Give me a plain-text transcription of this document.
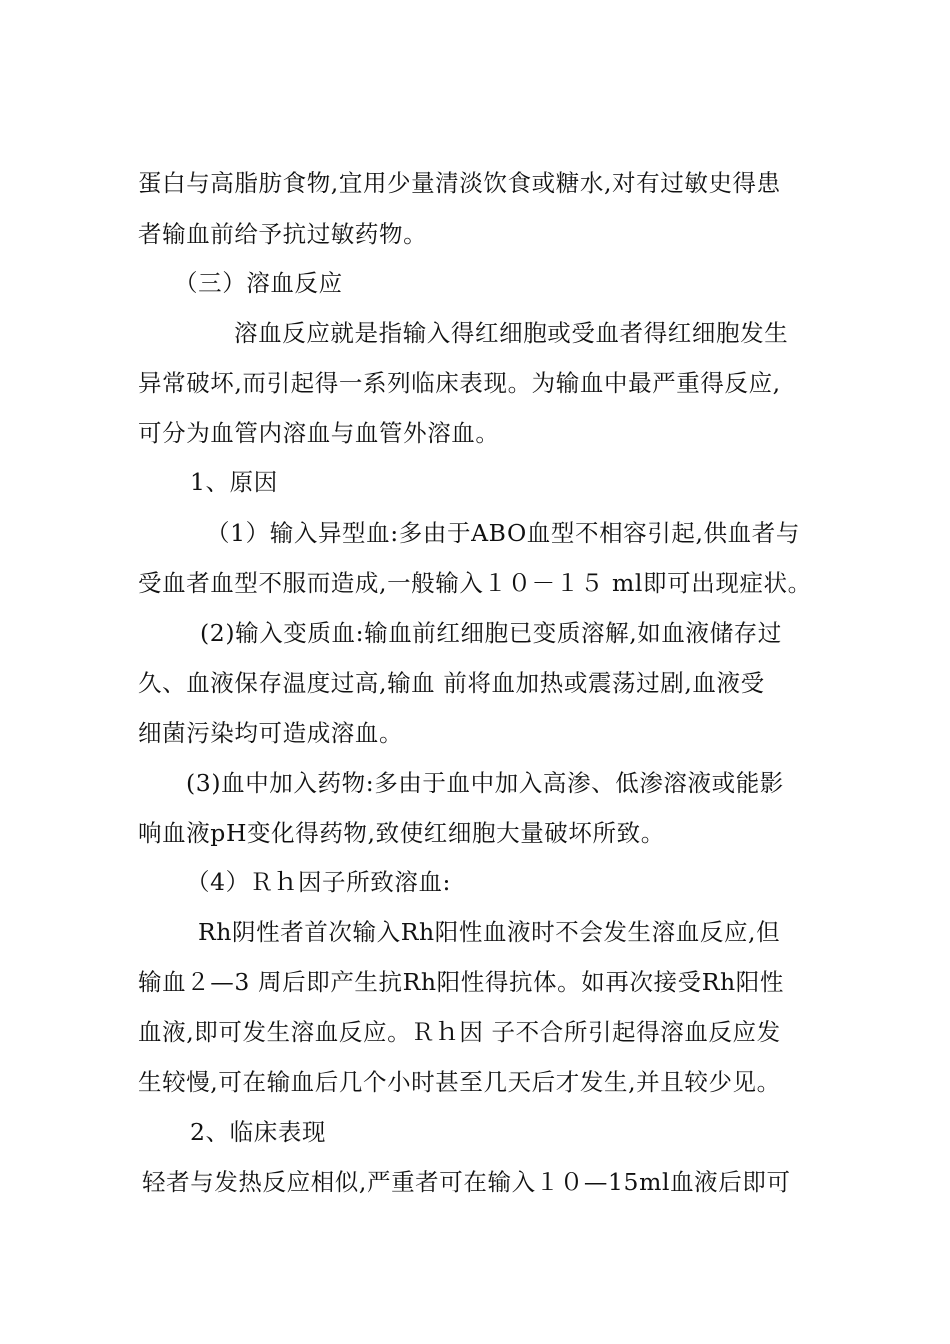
蛋白与高脂肪食物,宜用少量清淡饮食或糖水,对有过敏史得患
者输血前给予抗过敏药物。
（三）溶血反应
溶血反应就是指输入得红细胞或受血者得红细胞发生
异常破坏,而引起得一系列临床表现。为输血中最严重得反应,
可分为血管内溶血与血管外溶血。
1、原因
（1）输入异型血:多由于ABO血型不相容引起,供血者与
受血者血型不服而造成,一般输入１０－１５ ml即可出现症状。
(2)输入变质血:输血前红细胞已变质溶解,如血液储存过
久、血液保存温度过高,输血 前将血加热或震荡过剧,血液受
细菌污染均可造成溶血。
(3)血中加入药物:多由于血中加入高渗、低渗溶液或能影
响血液pH变化得药物,致使红细胞大量破坏所致。
（4）Ｒｈ因子所致溶血:
Rh阴性者首次输入Rh阳性血液时不会发生溶血反应,但
输血２—3 周后即产生抗Rh阳性得抗体。如再次接受Rh阳性
血液,即可发生溶血反应。Ｒｈ因 子不合所引起得溶血反应发
生较慢,可在输血后几个小时甚至几天后才发生,并且较少见。
2、临床表现
轻者与发热反应相似,严重者可在输入１０—15ml血液后即可
